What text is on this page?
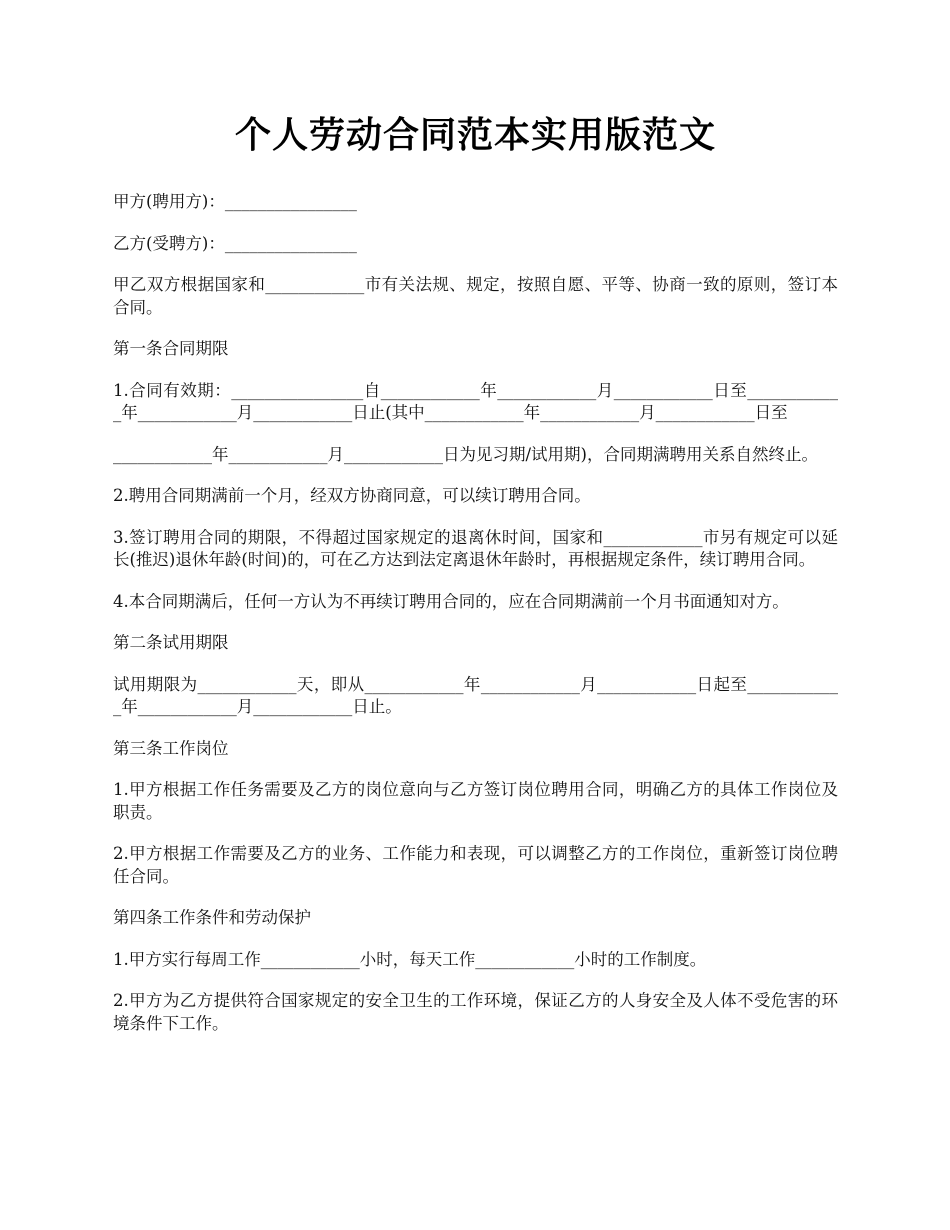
个人劳动合同范本实用版范文

甲方(聘用方)：________________

乙方(受聘方)：________________

甲乙双方根据国家和____________市有关法规、规定，按照自愿、平等、协商一致的原则，签订本合同。

第一条合同期限

1.合同有效期：________________自____________年____________月____________日至____________年____________月____________日止(其中____________年____________月____________日至

____________年____________月____________日为见习期/试用期)，合同期满聘用关系自然终止。

2.聘用合同期满前一个月，经双方协商同意，可以续订聘用合同。

3.签订聘用合同的期限，不得超过国家规定的退离休时间，国家和____________市另有规定可以延长(推迟)退休年龄(时间)的，可在乙方达到法定离退休年龄时，再根据规定条件，续订聘用合同。

4.本合同期满后，任何一方认为不再续订聘用合同的，应在合同期满前一个月书面通知对方。

第二条试用期限

试用期限为____________天，即从____________年____________月____________日起至____________年____________月____________日止。

第三条工作岗位

1.甲方根据工作任务需要及乙方的岗位意向与乙方签订岗位聘用合同，明确乙方的具体工作岗位及职责。

2.甲方根据工作需要及乙方的业务、工作能力和表现，可以调整乙方的工作岗位，重新签订岗位聘任合同。

第四条工作条件和劳动保护

1.甲方实行每周工作____________小时，每天工作____________小时的工作制度。

2.甲方为乙方提供符合国家规定的安全卫生的工作环境，保证乙方的人身安全及人体不受危害的环境条件下工作。
